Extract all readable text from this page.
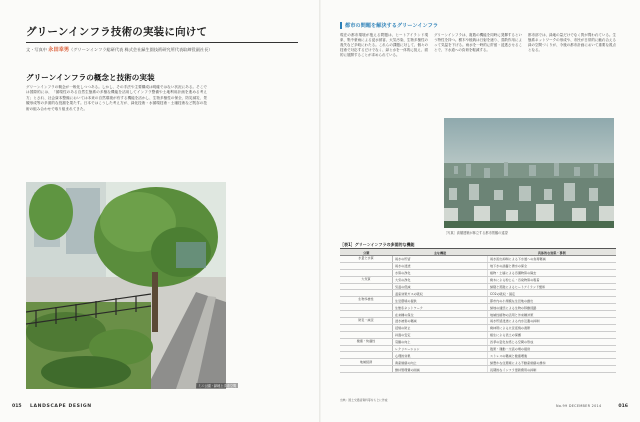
グリーンインフラ技術の実装に向けて
文・写真中 永田幸男（グリーンインフラ総研代表 株式会社緑生園技術研究所代表取締役副社長）
グリーンインフラの概念と技術の実装
グリーンインフラの概念が一般化しつつある。しかし、その手法や主要構成は明確ではない状況にある。そこでは国際的には、「循環性のある自然生態系の多様な機能を活用してインフラ整備や土地利用計画を進める考え方」とされ、社会資本整備においては本来の自然環境が有する機能を活かし、生物多様性の保全、防災減災、景観形成等の多面的な役割を果たす。日本ではこうした考え方が、緑化技術・水循環技術・土壌技術など既存の技術の組み合わせで取り組まれてきた。
ミニ公園・緑地と歩道空間
都市の問題を解決するグリーンインフラ
現在の都市環境が抱える問題は、ヒートアイランド現象、集中豪雨による浸水被害、大気汚染、生物多様性の喪失など多岐にわたる。これらの課題に対して、個々の技術で対応するだけでなく、緑と水を一体的に捉え、面的に展開することが求められている。
グリーンインフラは、複数の機能を同時に発揮するという特性を持つ。樹木や植栽は日射を遮り、蒸散作用によって気温を下げる。雨水を一時的に貯留・浸透させることで、下水道への負荷を軽減する。
都市部では、緑地の量だけでなく質が問われている。生態系ネットワークの形成や、市民が日常的に触れ合える緑の空間づくりが、今後の都市計画において重要な視点となる。
［写真］高層建築が林立する都市景観の遠望
［表1］グリーンインフラの多面的な機能
分類	主な機能	具体的な効果・事例
水量と水質	雨水の貯留	雨水流出抑制による下水道への負荷軽減
	雨水の浸透	地下水の涵養と湧水の保全
	水質の浄化	植物・土壌による汚濁物質の除去
大気質	大気の浄化	樹木による粉じん・汚染物質の吸着
	気温の低減	緑陰と蒸散によるヒートアイランド緩和
	温室効果ガスの吸収	CO2の吸収・固定
生物多様性	生息環境の提供	都市内の小規模な生息地の創出
	生態系ネットワーク	緑地の連続による生物の移動経路
	在来種の保全	地域性植物の活用と外来種対策
防災・減災	浸水被害の軽減	雨水貯留浸透による内水氾濫の抑制
	延焼の防止	樹林帯による火災延焼の遮断
	斜面の安定	植生による表土の保護
健康・快適性	景観の向上	四季の変化を感じる空間の形成
	レクリエーション	散策・運動・交流の場の提供
	心理的効果	ストレスの軽減と健康増進
地域経済	資産価値の向上	緑豊かな住環境による不動産価値の維持
	維持管理費の削減	長期的なインフラ更新費用の抑制
出典：国土交通省資料等をもとに作成
015 LANDSCAPE DESIGN	No.99 DECEMBER 2014	016
